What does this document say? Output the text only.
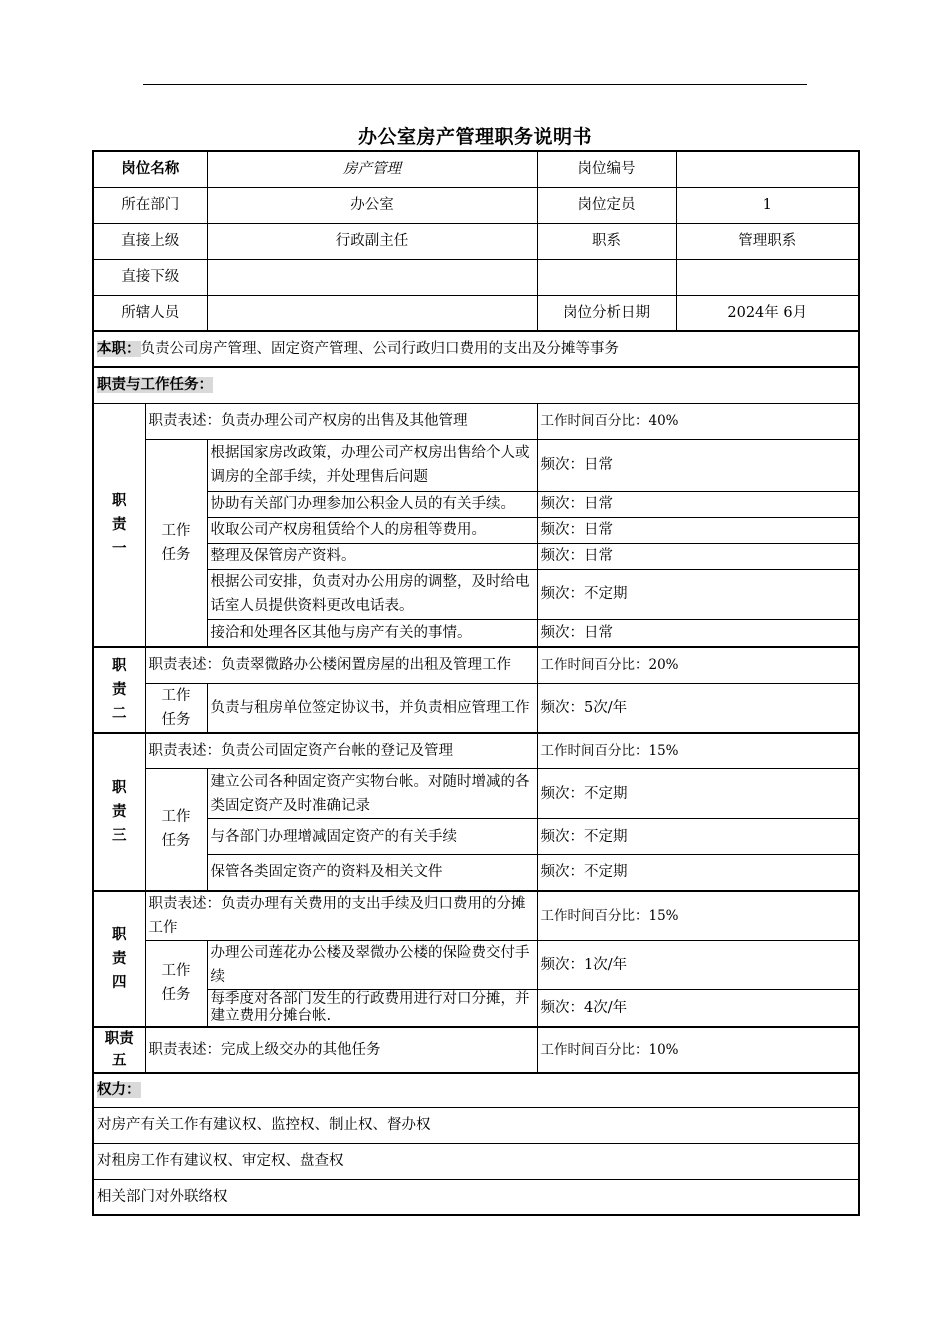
办公室房产管理职务说明书
岗位名称		房产管理	岗位编号	
所在部门		办公室	岗位定员	1
直接上级		行政副主任	职系	管理职系
直接下级				
所辖人员			岗位分析日期	2024年 6月
本职：负责公司房产管理、固定资产管理、公司行政归口费用的支出及分摊等事务				
职责与工作任务：				
职责一	职责表述：负责办理公司产权房的出售及其他管理		工作时间百分比：40%	
	工作任务	根据国家房改政策，办理公司产权房出售给个人或调房的全部手续，并处理售后问题	频次：日常	
		协助有关部门办理参加公积金人员的有关手续。	频次：日常	
		收取公司产权房租赁给个人的房租等费用。	频次：日常	
		整理及保管房产资料。	频次：日常	
		根据公司安排，负责对办公用房的调整，及时给电话室人员提供资料更改电话表。	频次：不定期	
		接洽和处理各区其他与房产有关的事情。	频次：日常	
职责二	职责表述：负责翠微路办公楼闲置房屋的出租及管理工作		工作时间百分比：20%	
	工作任务	负责与租房单位签定协议书，并负责相应管理工作	频次：5次/年	
职责三	职责表述：负责公司固定资产台帐的登记及管理		工作时间百分比：15%	
	工作任务	建立公司各种固定资产实物台帐。对随时增减的各类固定资产及时准确记录	频次：不定期	
		与各部门办理增减固定资产的有关手续	频次：不定期	
		保管各类固定资产的资料及相关文件	频次：不定期	
职责四	职责表述：负责办理有关费用的支出手续及归口费用的分摊工作		工作时间百分比：15%	
	工作任务	办理公司莲花办公楼及翠微办公楼的保险费交付手续	频次：1次/年	
		每季度对各部门发生的行政费用进行对口分摊，并建立费用分摊台帐.	频次：4次/年	
职责五	职责表述：完成上级交办的其他任务		工作时间百分比：10%	
权力：				
对房产有关工作有建议权、监控权、制止权、督办权				
对租房工作有建议权、审定权、盘查权				
相关部门对外联络权				
